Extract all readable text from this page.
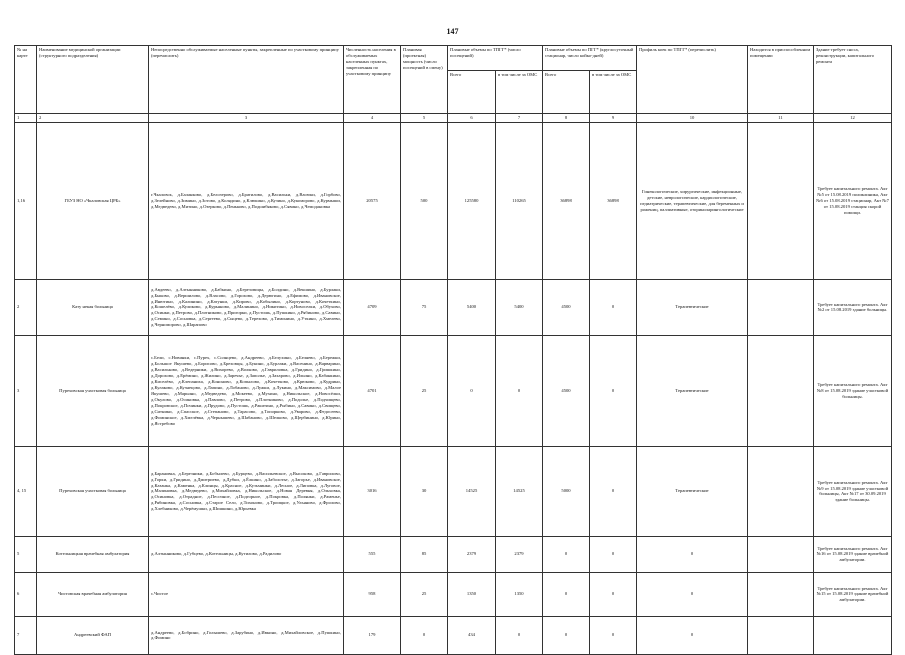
147
№ на карте	Наименование медицинской организации (структурного подразделения)	Непосредственно обслуживаемые населенные пункты, закрепленные по участковому принципу (перечислить)	Численность населения в обслуживаемых населенных пунктах, закрепленная по участковому принципу	Плановая (проектная) мощность (число посещений в смену)	Плановые объемы по ТПГГ* (число посещений)		Плановые объемы по ПГГ* (круглосуточный стационар, число койко-дней)		Профиль коек по ТПГГ* (перечислить)	Находится в приспособленном помещении	Здание требует сноса, реконструкции, капитального ремонта
					Всего	в том числе за ОМС	Всего	в том числе за ОМС			
1	2	3	4	5	6	7	8	9	10	11	12
1,16	ГБУЗ НО «Чкаловская ЦРБ»	г.Чкаловск, д.Баланково, д.Белозерово, д.Братилово, д.Васильки, д.Васюки, д.Горбово, д.Зелейново, д.Зимино, д.Зотово, д.Колядино, д.Клюкино, д.Кузино, д.Кукоморово, д.Курмыши, д.Медведево, д.Митино, д.Озерково, д.Пеньково, д.Подшибяково, д.Сявино, д.Чемодановка	20575	500	125580	110265	36898	36898	Гинекологические, хирургические, инфекционные, детские, неврологические, кардиологические, педиатрические, терапевтические, для беременных и рожениц, паллиативные, оториноларингологические		Требует капитального ремонта. Акт №5 от 15.08.2019 поликлиника, Акт №6 от 15.08.2019 стационар, Акт №7 от 15.08.2019 станция скорой помощи.
2	Кату некая больница	д.Авдеево, д.Алтынниково, д.Бабкино, д.Березовицы, д.Болдино, д.Векшино, д.Бурлаки, д.Быково, д.Вершилово, д.Власово, д.Горохово, д.Дерюгино, д.Ефимово, д.Ивановское, д.Инютино, д.Калинино, д.Катунки, д.Кирово, д.Кобылино, д.Кортуново, д.Кочеткино, д.Кошелёво, д.Куликово, д.Курьяново, д.Малинино, д.Никитино, д.Новоселки, д.Обухово, д.Осинки, д.Петрово, д.Плотниково, д.Пригорки, д.Пустошь, д.Пушкино, д.Рябиново, д.Савино, д.Семино, д.Сосновка, д.Сергеево, д.Сыцево, д.Терехово, д.Тимонино, д.Уткино, д.Хмелево, д.Черноморово, д.Шарапово	4709	75	5400	5400	4500	0	Терапевтические		Требует капитального ремонта. Акт №2 от 15.08.2019 здание больницы.
3	Пуреховская участковая больница	с.Бели, с.Новинки, с.Пурех, с.Солнцево, д.Андреево, д.Белухино, д.Беляево, д.Бережки, д.Большое Якушево, д.Борисово, д.Бреховцы, д.Букино, д.Бурлаки, д.Васенино, д.Варварино, д.Васильково, д.Ведерники, д.Вихорево, д.Волково, д.Гавриловка, д.Гридино, д.Гришкино, д.Дорохово, д.Ерёмино, д.Жилино, д.Заречье, д.Заполье, д.Захарово, д.Ильино, д.Кабанкино, д.Киселёво, д.Клепаниха, д.Кононово, д.Копылово, д.Кочетково, д.Крюково, д.Кудрино, д.Кулаково, д.Кузнецово, д.Лапино, д.Лобаново, д.Лужки, д.Лукино, д.Максимово, д.Малое Якушево, д.Марьино, д.Медведево, д.Мокеево, д.Мухино, д.Никольское, д.Новосёлки, д.Окулово, д.Осиновка, д.Павлово, д.Петрово, д.Плотниково, д.Подолье, д.Подчищево, д.Покровское, д.Починки, д.Прудово, д.Пустошь, д.Ракитино, д.Рыбино, д.Савино, д.Свищево, д.Ситники, д.Спасское, д.Степаново, д.Тарасово, д.Топорково, д.Уварово, д.Федосеево, д.Фоминское, д.Хмелёвка, д.Чернышево, д.Шабаново, д.Шелково, д.Щербинино, д.Юрино, д.Ястребово	4701	25	0	0	4500	0	Терапевтические		Требует капитального ремонта. Акт №8 от 15.08.2019 здание участковой больницы.
4, 15	Пуреховская участковая больница	д.Барановка, д.Березники, д.Бобылево, д.Бурцево, д.Васильевское, д.Высоково, д.Гаврилово, д.Горки, д.Гридино, д.Дмитриево, д.Дубки, д.Ёлкино, д.Заболотье, д.Загорье, д.Ивановское, д.Казанка, д.Каменка, д.Клинцы, д.Красное, д.Кузьминки, д.Лесное, д.Липовка, д.Луговое, д.Малиновка, д.Медведево, д.Михайловка, д.Никольское, д.Новая Деревня, д.Ольховка, д.Осиновка, д.Отрадное, д.Песочное, д.Подгорное, д.Покровка, д.Полянки, д.Раменье, д.Рябиновка, д.Сосновка, д.Старое Село, д.Тихоново, д.Троицкое, д.Ульяново, д.Фролово, д.Хлебниково, д.Черёмушки, д.Шишкино, д.Юрьевка	3016	30	14525	14525	5000	0	Терапевтические		Требует капитального ремонта. Акт №9 от 15.08.2019 здание участковой больницы, Акт №17 от 30.09.2019 здание больницы.
5	Котельницкая врачебная амбулатория	д.Алтынниково, д.Губцево, д.Котельницы, д.Кутилово, д.Радилово	555	85	2379	2379	0	0	0		Требует капитального ремонта. Акт №16 от 15.08.2019 здание врачебной амбулатории.
6	Чистовская врачебная амбулатория	с.Чистое	958	25	1350	1350	0	0	0		Требует капитального ремонта. Акт №15 от 15.08.2019 здание врачебной амбулатории.
7	Андреевский ФАП	д.Андреево, д.Бобрино, д.Голышево, д.Зарубино, д.Ивкино, д.Михайловское, д.Пушкино, д.Фомино	179	0	434	0	0	0	0		
